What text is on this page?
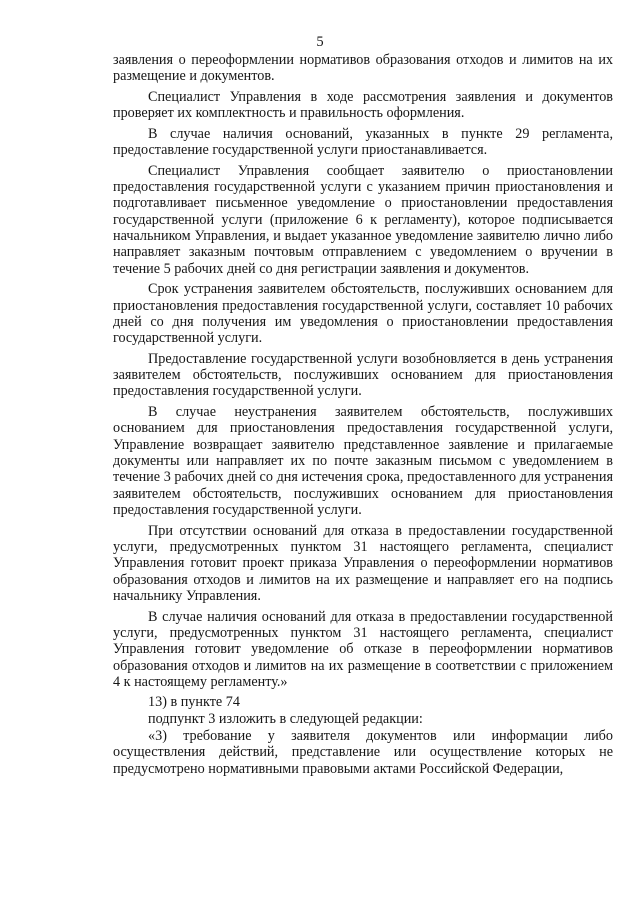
5

заявления о переоформлении нормативов образования отходов и лимитов на их размещение и документов.

Специалист Управления в ходе рассмотрения заявления и документов проверяет их комплектность и правильность оформления.

В случае наличия оснований, указанных в пункте 29 регламента, предоставление государственной услуги приостанавливается.

Специалист Управления сообщает заявителю о приостановлении предоставления государственной услуги с указанием причин приостановления и подготавливает письменное уведомление о приостановлении предоставления государственной услуги (приложение 6 к регламенту), которое подписывается начальником Управления, и выдает указанное уведомление заявителю лично либо направляет заказным почтовым отправлением с уведомлением о вручении в течение 5 рабочих дней со дня регистрации заявления и документов.

Срок устранения заявителем обстоятельств, послуживших основанием для приостановления предоставления государственной услуги, составляет 10 рабочих дней со дня получения им уведомления о приостановлении предоставления государственной услуги.

Предоставление государственной услуги возобновляется в день устранения заявителем обстоятельств, послуживших основанием для приостановления предоставления государственной услуги.

В случае неустранения заявителем обстоятельств, послуживших основанием для приостановления предоставления государственной услуги, Управление возвращает заявителю представленное заявление и прилагаемые документы или направляет их по почте заказным письмом с уведомлением в течение 3 рабочих дней со дня истечения срока, предоставленного для устранения заявителем обстоятельств, послуживших основанием для приостановления предоставления государственной услуги.

При отсутствии оснований для отказа в предоставлении государственной услуги, предусмотренных пунктом 31 настоящего регламента, специалист Управления готовит проект приказа Управления о переоформлении нормативов образования отходов и лимитов на их размещение и направляет его на подпись начальнику Управления.

В случае наличия оснований для отказа в предоставлении государственной услуги, предусмотренных пунктом 31 настоящего регламента, специалист Управления готовит уведомление об отказе в переоформлении нормативов образования отходов и лимитов на их размещение в соответствии с приложением 4 к настоящему регламенту.»

13) в пункте 74

подпункт 3 изложить в следующей редакции:

«3) требование у заявителя документов или информации либо осуществления действий, представление или осуществление которых не предусмотрено нормативными правовыми актами Российской Федерации,
